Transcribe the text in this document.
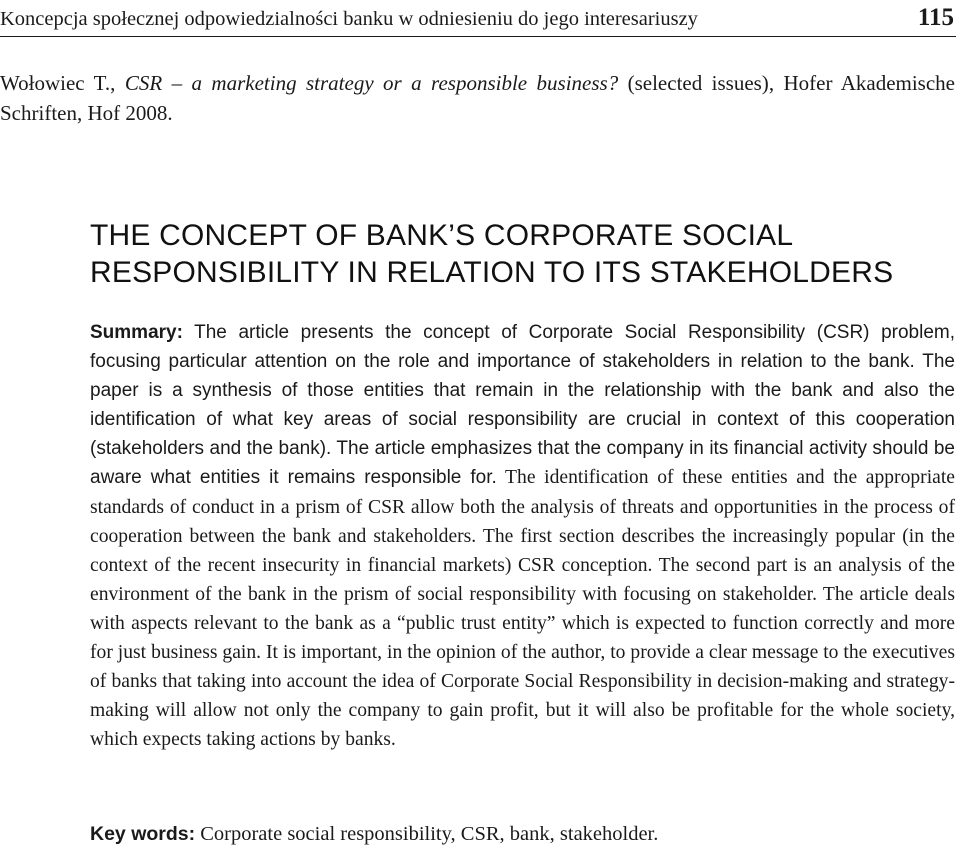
Koncepcja społecznej odpowiedzialności banku w odniesieniu do jego interesariuszy	115
Wołowiec T., CSR – a marketing strategy or a responsible business? (selected issues), Hofer Akademische Schriften, Hof 2008.
THE CONCEPT OF BANK’S CORPORATE SOCIAL
RESPONSIBILITY IN RELATION TO ITS STAKEHOLDERS
Summary: The article presents the concept of Corporate Social Responsibility (CSR) problem, focusing particular attention on the role and importance of stakeholders in relation to the bank. The paper is a synthesis of those entities that remain in the relationship with the bank and also the identification of what key areas of social responsibility are crucial in context of this cooperation (stakeholders and the bank). The article emphasizes that the company in its financial activity should be aware what entities it remains responsible for. The identification of these entities and the appropriate standards of conduct in a prism of CSR allow both the analysis of threats and opportunities in the process of cooperation between the bank and stakeholders. The first section describes the increasingly popular (in the context of the recent insecurity in financial markets) CSR conception. The second part is an analysis of the environment of the bank in the prism of social responsibility with focusing on stakeholder. The article deals with aspects relevant to the bank as a “public trust entity” which is expected to function correctly and more for just business gain. It is important, in the opinion of the author, to provide a clear message to the executives of banks that taking into account the idea of Corporate Social Responsibility in decision-making and strategy-making will allow not only the company to gain profit, but it will also be profitable for the whole society, which expects taking actions by banks.
Key words: Corporate social responsibility, CSR, bank, stakeholder.
